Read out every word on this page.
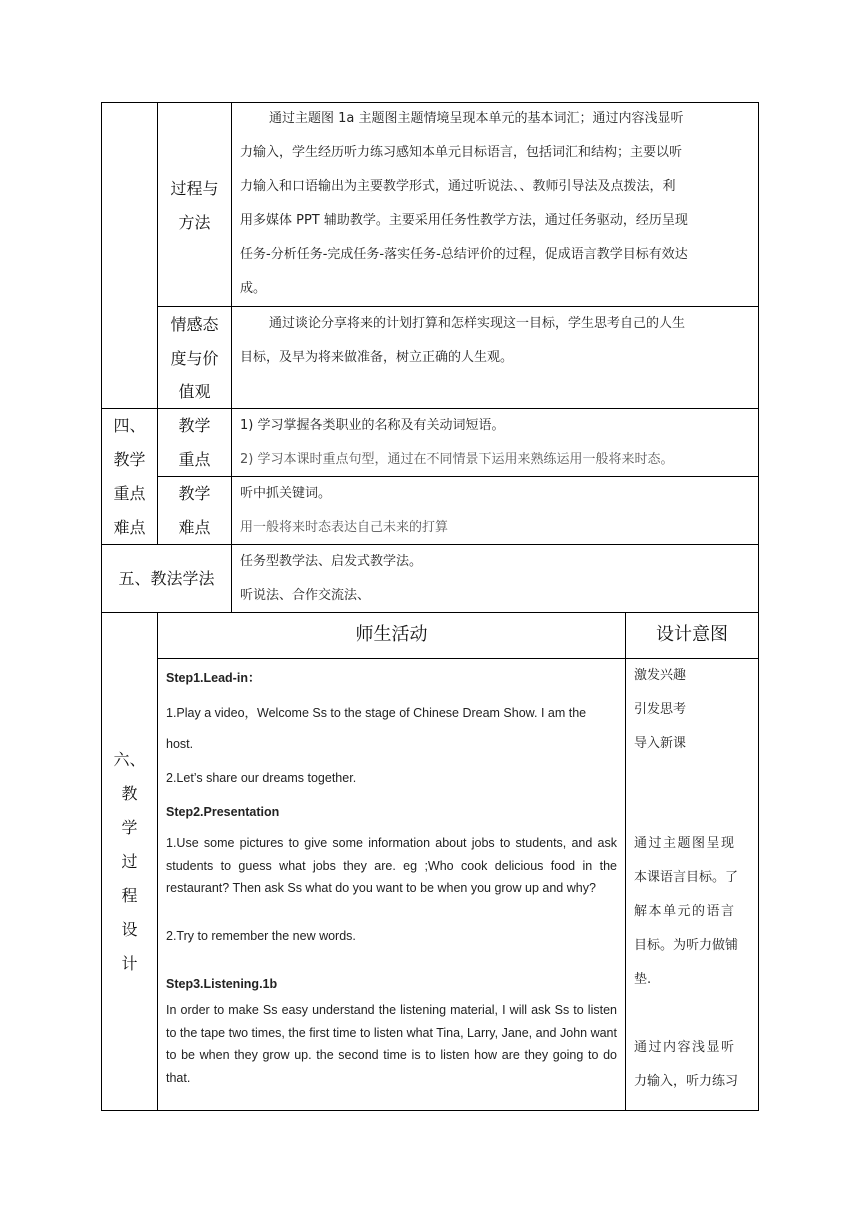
过程与
方法
通过主题图 1a 主题图主题情境呈现本单元的基本词汇；通过内容浅显听
力输入，学生经历听力练习感知本单元目标语言，包括词汇和结构；主要以听
力输入和口语输出为主要教学形式，通过听说法、、教师引导法及点拨法，利
用多媒体 PPT 辅助教学。主要采用任务性教学方法，通过任务驱动，经历呈现
任务-分析任务-完成任务-落实任务-总结评价的过程，促成语言教学目标有效达
成。
情感态
度与价
值观
通过谈论分享将来的计划打算和怎样实现这一目标，学生思考自己的人生
目标，及早为将来做准备，树立正确的人生观。
四、
教学
重点
难点
教学
重点
1) 学习掌握各类职业的名称及有关动词短语。
2) 学习本课时重点句型，通过在不同情景下运用来熟练运用一般将来时态。
教学
难点
听中抓关键词。
用一般将来时态表达自己未来的打算
五、教法学法
任务型教学法、启发式教学法。
听说法、合作交流法、
六、
教
学
过
程
设
计
师生活动	设计意图
Step1.Lead-in：
1.Play a video，Welcome Ss to the stage of Chinese Dream Show. I am the
host.
2.Let’s share our dreams together.
Step2.Presentation
1.Use some pictures to give some information about jobs to students, and ask students to guess what jobs they are. eg ;Who cook delicious food in the restaurant? Then ask Ss what do you want to be when you grow up and why?
2.Try to remember the new words.
Step3.Listening.1b
In order to make Ss easy understand the listening material, I will ask Ss to listen to the tape two times, the first time to listen what Tina, Larry, Jane, and John want to be when they grow up. the second time is to listen how are they going to do that.
激发兴趣
引发思考
导入新课
通过主题图呈现
本课语言目标。了
解本单元的语言
目标。为听力做铺
垫.
通过内容浅显听
力输入，听力练习
